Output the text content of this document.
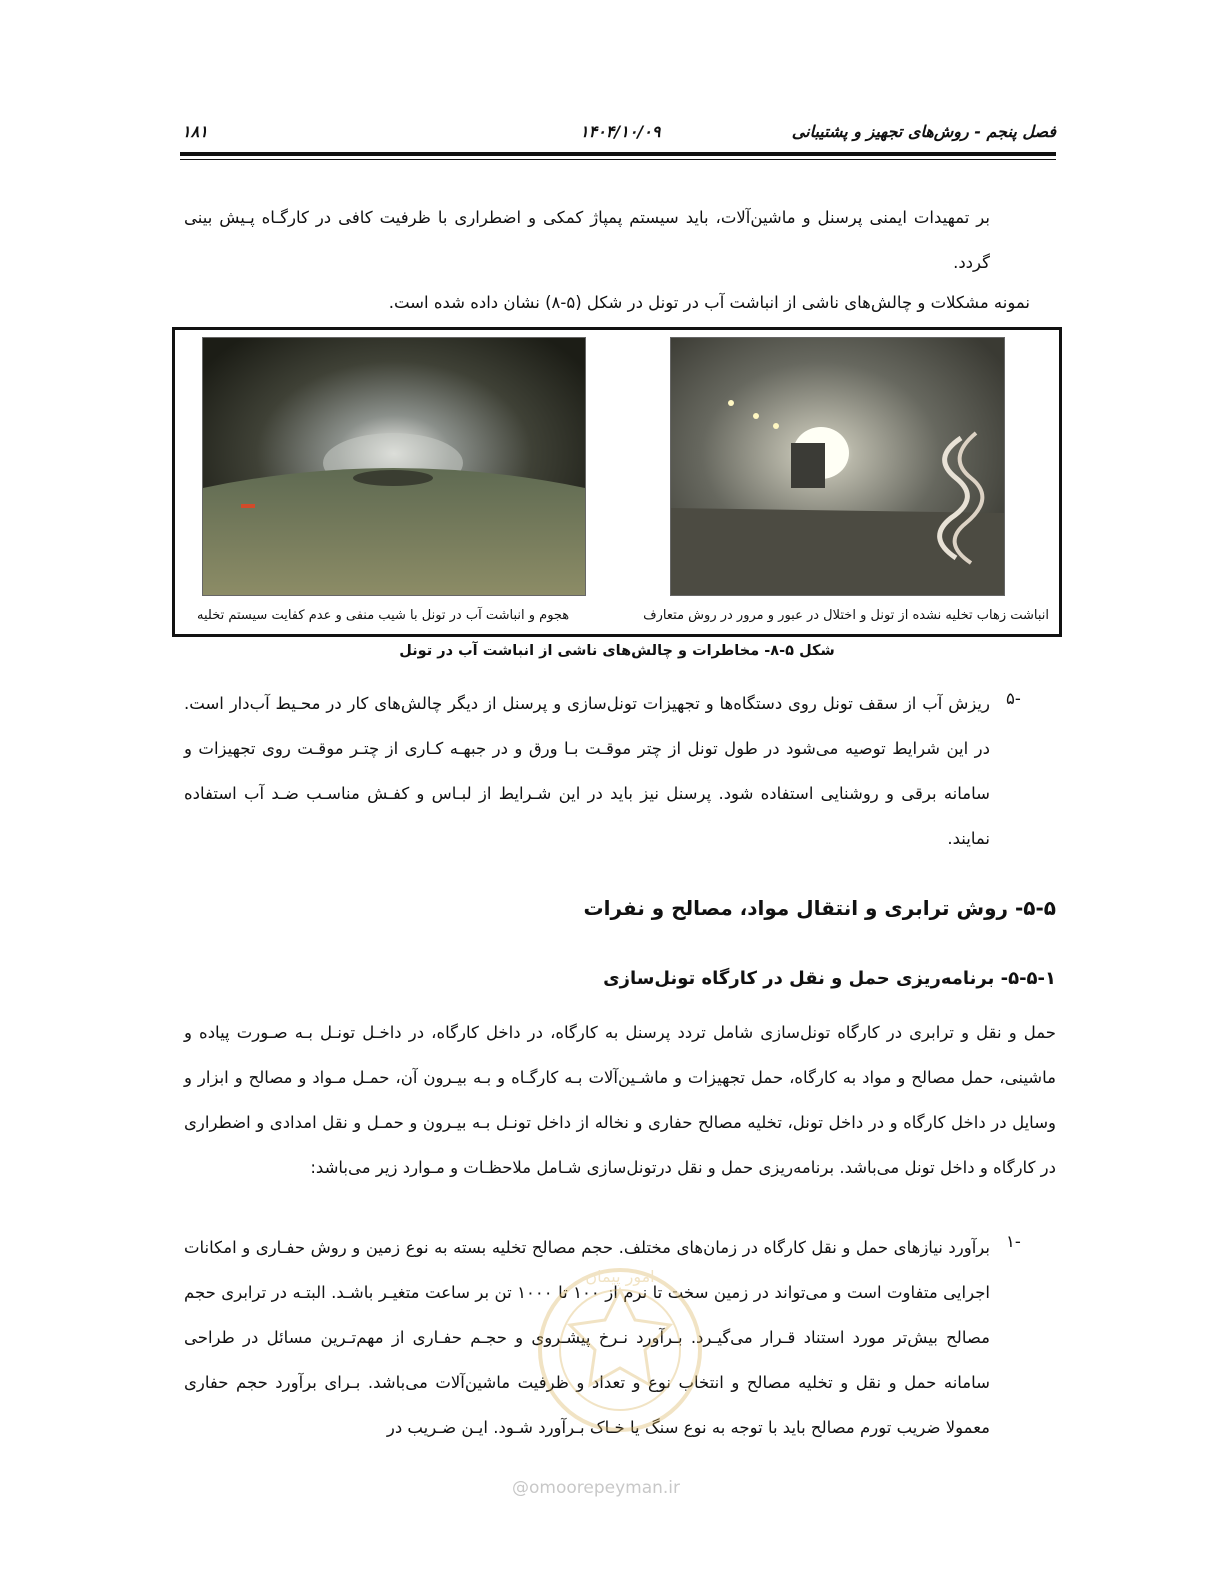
۱۸۱	۱۴۰۴/۱۰/۰۹	فصل پنجم - روش‌های تجهیز و پشتیبانی
بر تمهیدات ایمنی پرسنل و ماشین‌آلات، باید سیستم پمپاژ کمکی و اضطراری با ظرفیت کافی در کارگـاه پـیش بینی گردد.
نمونه مشکلات و چالش‌های ناشی از انباشت آب در تونل در شکل (۵-۸) نشان داده شده است.
هجوم و انباشت آب در تونل با شیب منفی و عدم کفایت سیستم تخلیه	انباشت زهاب تخلیه نشده از تونل و اختلال در عبور و مرور در روش متعارف
شکل ۵-۸- مخاطرات و چالش‌های ناشی از انباشت آب در تونل
-۵
ریزش آب از سقف تونل روی دستگاه‌ها و تجهیزات تونل‌سازی و پرسنل از دیگر چالش‌های کار در محـیط آب‌دار است. در این شرایط توصیه می‌شود در طول تونل از چتر موقـت بـا ورق و در جبهـه کـاری از چتـر موقـت روی تجهیزات و سامانه برقی و روشنایی استفاده شود. پرسنل نیز باید در این شـرایط از لبـاس و کفـش مناسـب ضـد آب استفاده نمایند.
۵-۵- روش ترابری و انتقال مواد، مصالح و نفرات
۵-۵-۱- برنامه‌ریزی حمل و نقل در کارگاه تونل‌سازی
حمل و نقل و ترابری در کارگاه تونل‌سازی شامل تردد پرسنل به کارگاه، در داخل کارگاه، در داخـل تونـل بـه صـورت پیاده و ماشینی، حمل مصالح و مواد به کارگاه، حمل تجهیزات و ماشـین‌آلات بـه کارگـاه و بـه بیـرون آن، حمـل مـواد و مصالح و ابزار و وسایل در داخل کارگاه و در داخل تونل، تخلیه مصالح حفاری و نخاله از داخل تونـل بـه بیـرون و حمـل و نقل امدادی و اضطراری در کارگاه و داخل تونل می‌باشد. برنامه‌ریزی حمل و نقل درتونل‌سازی شـامل ملاحظـات و مـوارد زیر می‌باشد:
-۱
برآورد نیازهای حمل و نقل کارگاه در زمان‌های مختلف. حجم مصالح تخلیه بسته به نوع زمین و روش حفـاری و امکانات اجرایی متفاوت است و می‌تواند در زمین سخت تا نرم از ۱۰۰ تا ۱۰۰۰ تن بر ساعت متغیـر باشـد. البتـه در ترابری حجم مصالح بیش‌تر مورد استناد قـرار می‌گیـرد. بـرآورد نـرخ پیشـروی و حجـم حفـاری از مهم‌تـرین مسائل در طراحی سامانه حمل و نقل و تخلیه مصالح و انتخاب نوع و تعداد و ظرفیت ماشین‌آلات می‌باشد. بـرای برآورد حجم حفاری معمولا ضریب تورم مصالح باید با توجه به نوع سنگ یا خـاک بـرآورد شـود. ایـن ضـریب در
امور پیمان
@omoorepeyman.ir
